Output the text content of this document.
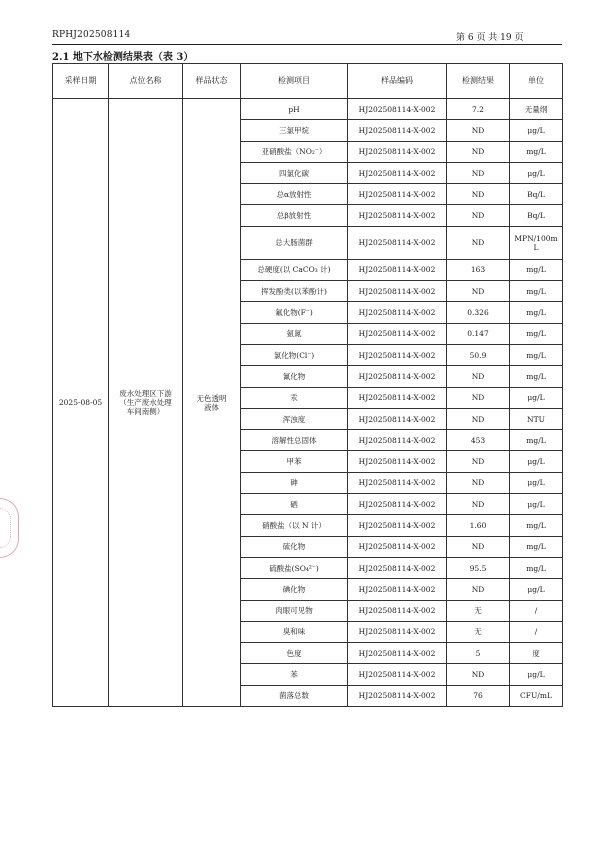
RPHJ202508114	第 6 页 共 19 页
2.1 地下水检测结果表（表 3）
采样日期	点位名称	样品状态	检测项目	样品编码	检测结果	单位
2025-08-05	废水处理区下游（生产废水处理车间南侧）	无色透明液体	pH	HJ202508114-X-002	7.2	无量纲
			三氯甲烷	HJ202508114-X-002	ND	μg/L
			亚硝酸盐（NO₂⁻）	HJ202508114-X-002	ND	mg/L
			四氯化碳	HJ202508114-X-002	ND	μg/L
			总α放射性	HJ202508114-X-002	ND	Bq/L
			总β放射性	HJ202508114-X-002	ND	Bq/L
			总大肠菌群	HJ202508114-X-002	ND	MPN/100mL
			总硬度(以 CaCO₃ 计)	HJ202508114-X-002	163	mg/L
			挥发酚类(以苯酚计)	HJ202508114-X-002	ND	mg/L
			氟化物(F⁻)	HJ202508114-X-002	0.326	mg/L
			氨氮	HJ202508114-X-002	0.147	mg/L
			氯化物(Cl⁻)	HJ202508114-X-002	50.9	mg/L
			氰化物	HJ202508114-X-002	ND	mg/L
			汞	HJ202508114-X-002	ND	μg/L
			浑浊度	HJ202508114-X-002	ND	NTU
			溶解性总固体	HJ202508114-X-002	453	mg/L
			甲苯	HJ202508114-X-002	ND	μg/L
			砷	HJ202508114-X-002	ND	μg/L
			硒	HJ202508114-X-002	ND	μg/L
			硝酸盐（以 N 计）	HJ202508114-X-002	1.60	mg/L
			硫化物	HJ202508114-X-002	ND	mg/L
			硫酸盐(SO₄²⁻)	HJ202508114-X-002	95.5	mg/L
			碘化物	HJ202508114-X-002	ND	μg/L
			肉眼可见物	HJ202508114-X-002	无	/
			臭和味	HJ202508114-X-002	无	/
			色度	HJ202508114-X-002	5	度
			苯	HJ202508114-X-002	ND	μg/L
			菌落总数	HJ202508114-X-002	76	CFU/mL
